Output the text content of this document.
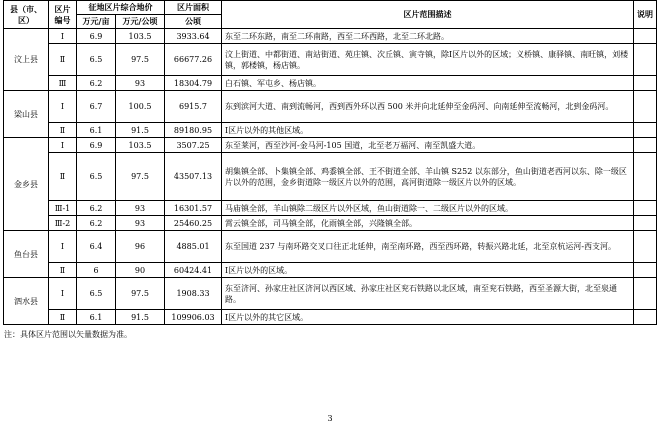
县（市、区）	区片编号	征地区片综合地价		区片面积	区片范围描述	说明
		万元/亩	万元/公顷	公顷		
汶上县	Ⅰ	6.9	103.5	3933.64	东至二环东路，南至二环南路，西至二环西路，北至二环北路。	
	Ⅱ	6.5	97.5	66677.26	汶上街道、中都街道、南站街道、苑庄镇、次丘镇、寅寺镇，除Ⅰ区片以外的区域；义桥镇、康驿镇、南旺镇，刘楼镇，郭楼镇，杨店镇。	
	Ⅲ	6.2	93	18304.79	白石镇、军屯乡、杨店镇。	
梁山县	Ⅰ	6.7	100.5	6915.7	东到滨河大道、南到流畅河，西到西外环以西 500 米并向北延伸至金码河、向南延伸至流畅河，北到金码河。	
	Ⅱ	6.1	91.5	89180.95	Ⅰ区片以外的其他区域。	
金乡县	Ⅰ	6.9	103.5	3507.25	东至莱河，西至沙河-金马河-105 国道，北至老万福河、南至凯盛大道。	
	Ⅱ	6.5	97.5	43507.13	胡集镇全部、卜集镇全部、鸡黍镇全部、王不街道全部、羊山镇 S252 以东部分，鱼山街道老西河以东、除一级区片以外的范围，金乡街道除一级区片以外的范围，高河街道除一级区片以外的区域。	
	Ⅲ-1	6.2	93	16301.57	马庙镇全部，羊山镇除二级区片以外区域，鱼山街道除一、二级区片以外的区域。	
	Ⅲ-2	6.2	93	25460.25	霄云镇全部，司马镇全部，化雨镇全部，兴隆镇全部。	
鱼台县	Ⅰ	6.4	96	4885.01	东至国道 237 与南环路交叉口往正北延伸，南至南环路，西至西环路，转振兴路北延，北至京杭运河-西支河。	
	Ⅱ	6	90	60424.41	Ⅰ区片以外的区域。	
泗水县	Ⅰ	6.5	97.5	1908.33	东至济河、孙家庄社区济河以西区域、孙家庄社区兖石铁路以北区域，南至兖石铁路，西至圣源大街，北至泉通路。	
	Ⅱ	6.1	91.5	109906.03	Ⅰ区片以外的其它区域。	
注：具体区片范围以矢量数据为准。
3
